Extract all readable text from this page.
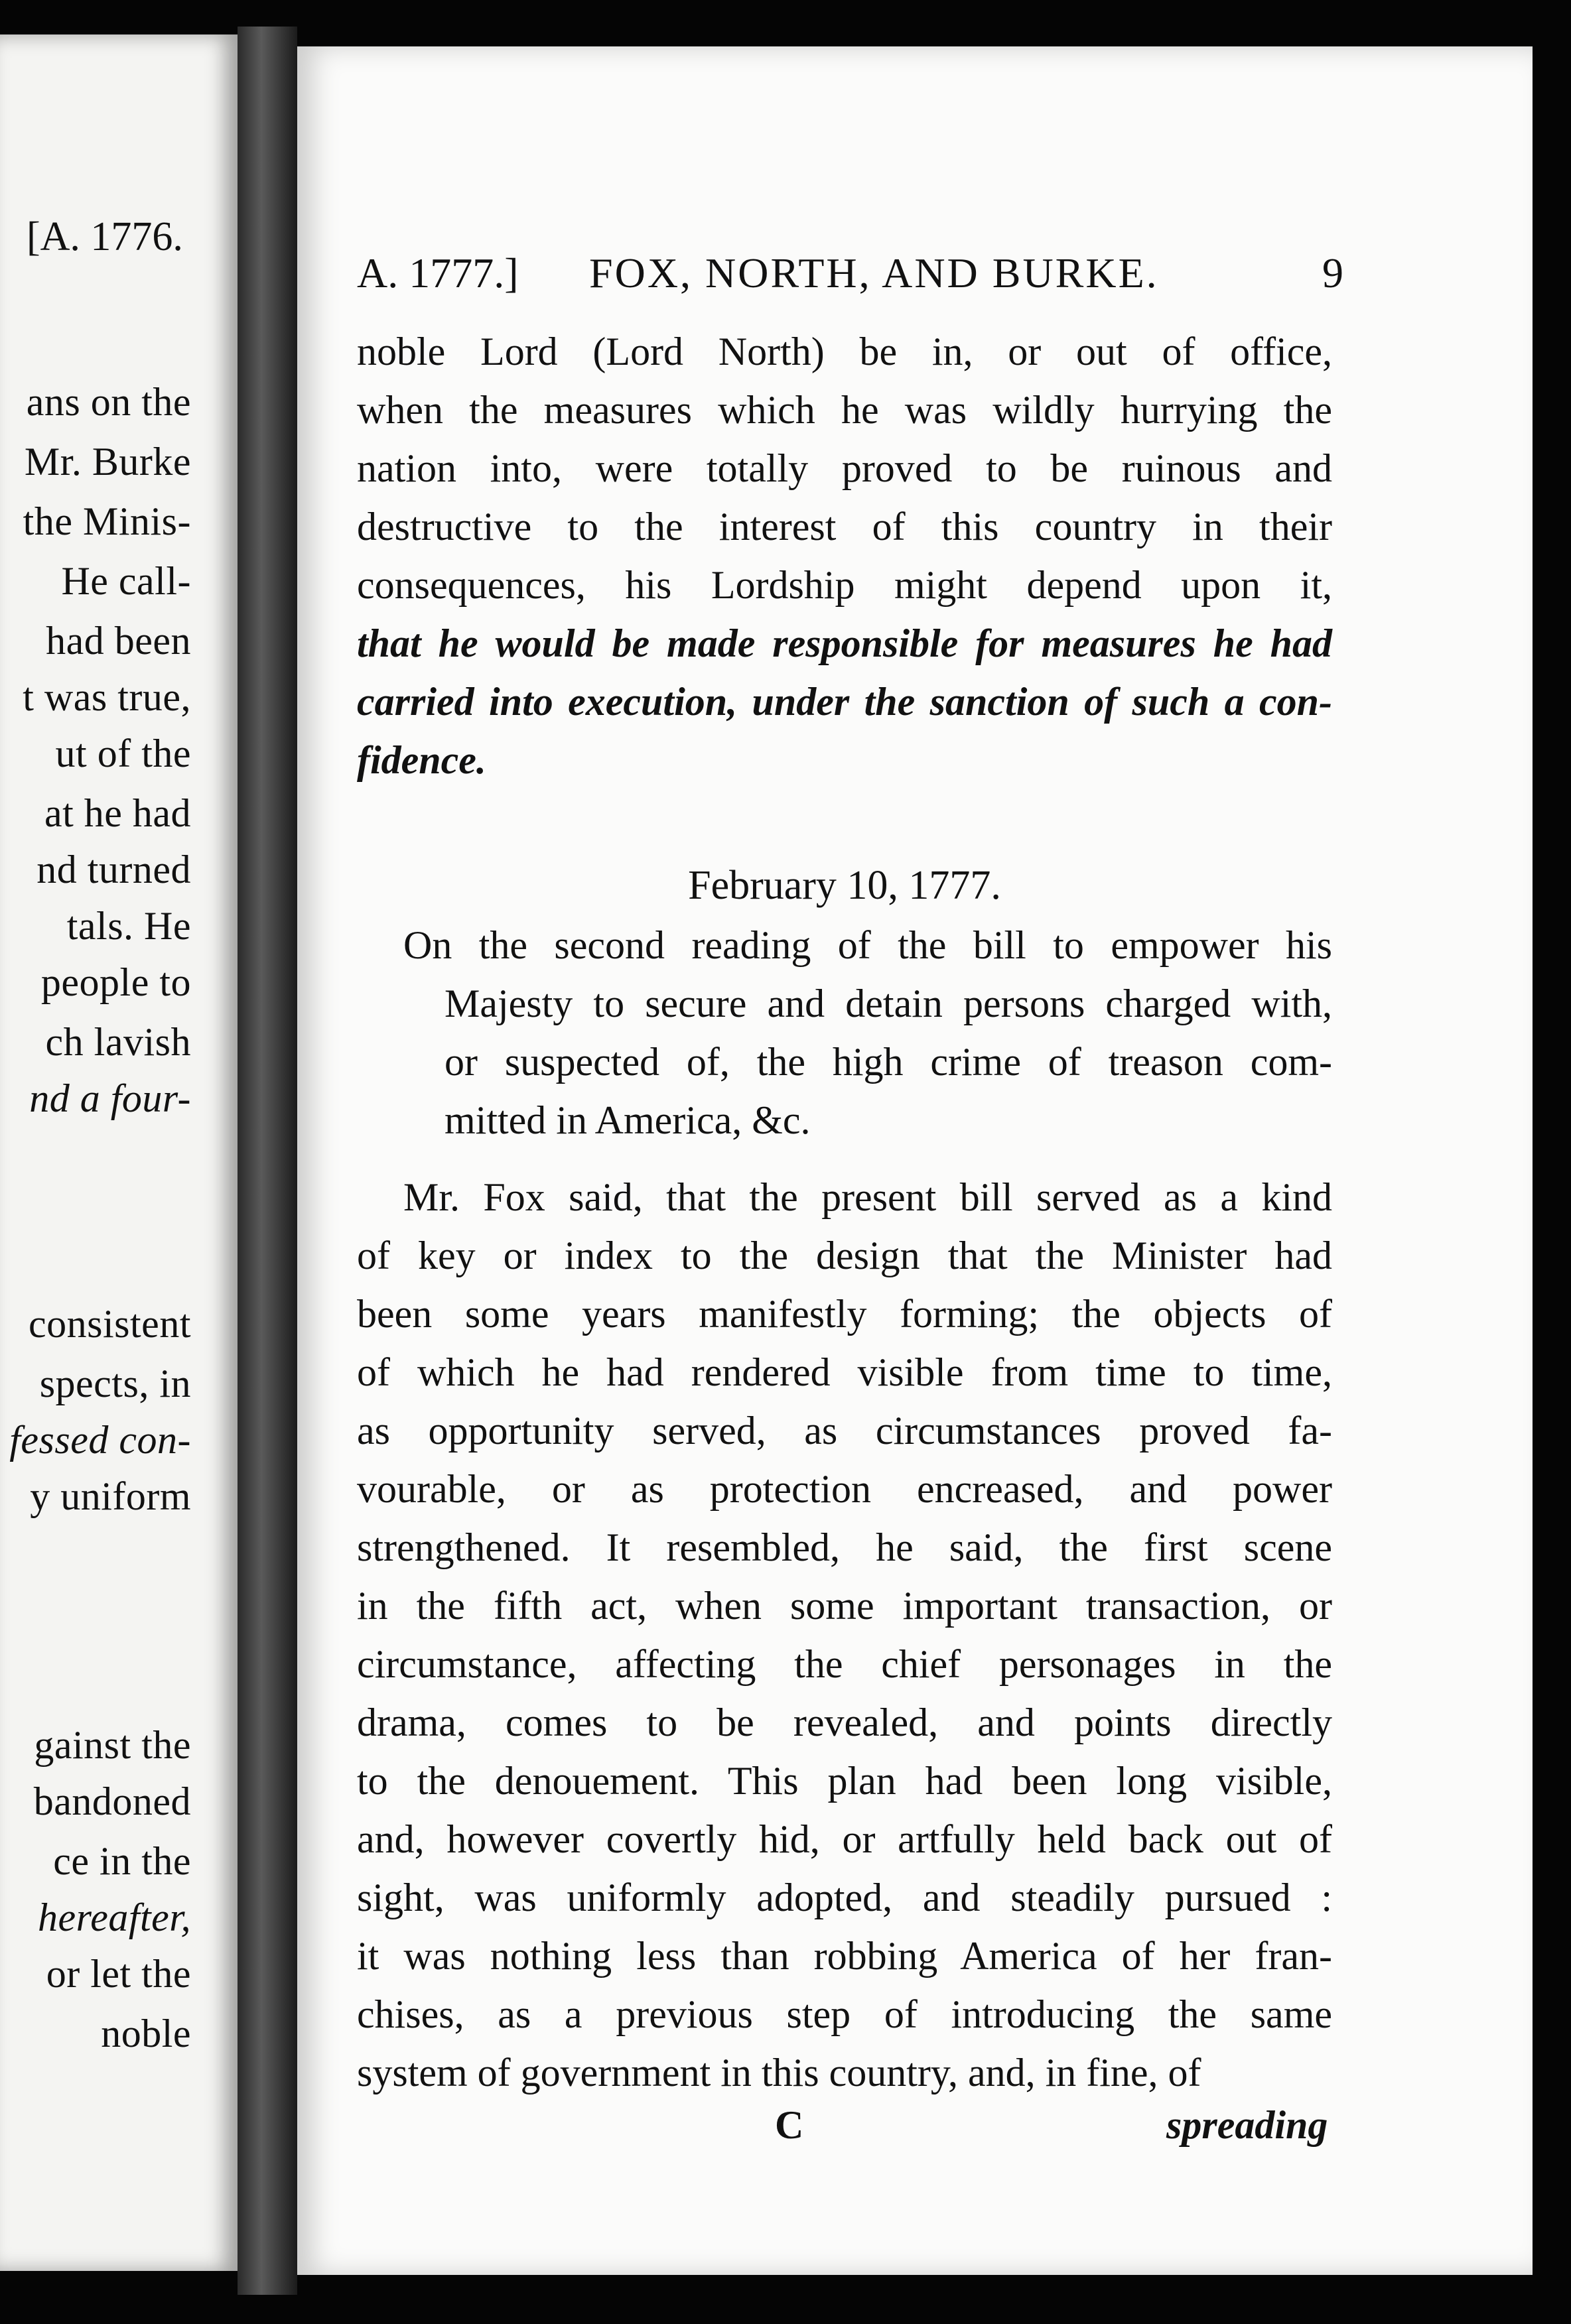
[A. 1776.
ans on the
Mr. Burke
the Minis-
He call-
had been
t was true,
ut of the
at he had
nd turned
tals. He
people to
ch lavish
nd a four-
consistent
spects, in
fessed con-
y uniform
gainst the
bandoned
ce in the
hereafter,
or let the
noble
A. 1777.] FOX, NORTH, AND BURKE.	9
noble Lord (Lord North) be in, or out of office,
when the measures which he was wildly hurrying the
nation into, were totally proved to be ruinous and
destructive to the interest of this country in their
consequences, his Lordship might depend upon it,
that he would be made responsible for measures he had
carried into execution, under the sanction of such a con-
fidence.
February 10, 1777.
On the second reading of the bill to empower his
Majesty to secure and detain persons charged with,
or suspected of, the high crime of treason com-
mitted in America, &c.
Mr. Fox said, that the present bill served as a kind
of key or index to the design that the Minister had
been some years manifestly forming; the objects of
of which he had rendered visible from time to time,
as opportunity served, as circumstances proved fa-
vourable, or as protection encreased, and power
strengthened. It resembled, he said, the first scene
in the fifth act, when some important transaction, or
circumstance, affecting the chief personages in the
drama, comes to be revealed, and points directly
to the denouement. This plan had been long visible,
and, however covertly hid, or artfully held back out of
sight, was uniformly adopted, and steadily pursued :
it was nothing less than robbing America of her fran-
chises, as a previous step of introducing the same
system of government in this country, and, in fine, of
C	spreading
